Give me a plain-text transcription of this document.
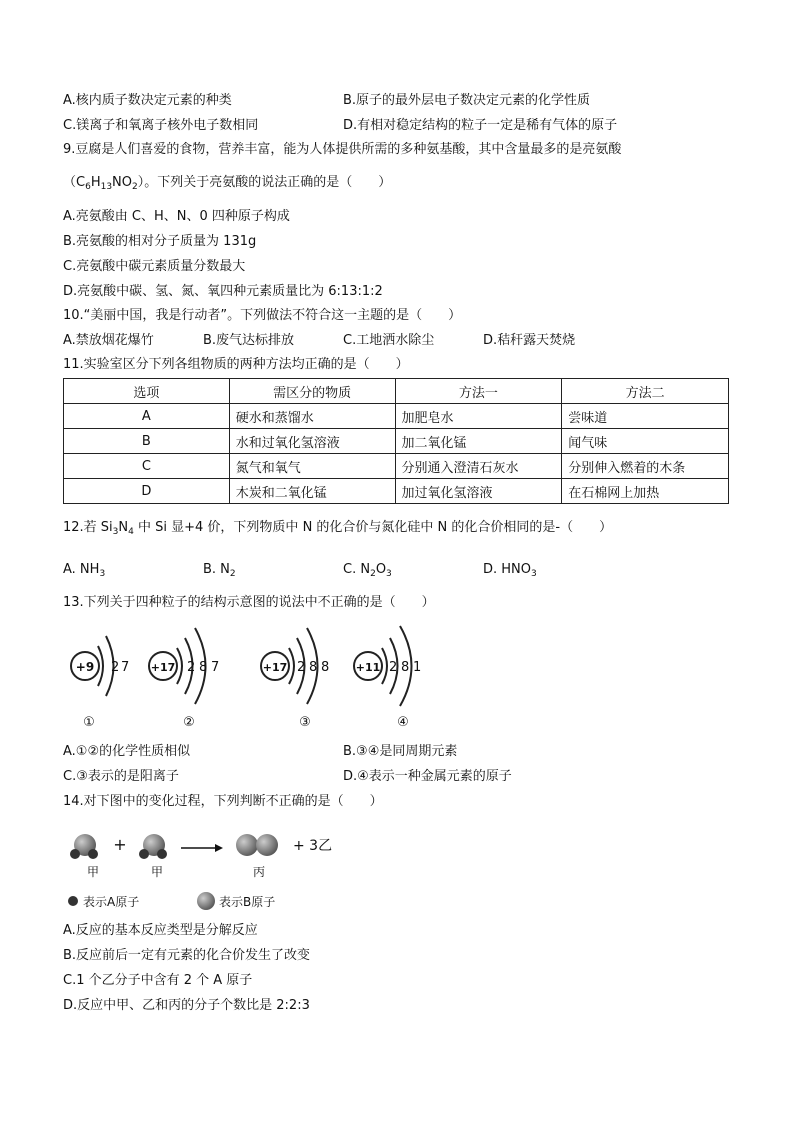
A.核内质子数决定元素的种类	B.原子的最外层电子数决定元素的化学性质
C.镁离子和氧离子核外电子数相同	D.有相对稳定结构的粒子一定是稀有气体的原子
9.豆腐是人们喜爱的食物，营养丰富，能为人体提供所需的多种氨基酸，其中含量最多的是亮氨酸
$(C_6H_{13}NO_2)$。下列关于亮氨酸的说法正确的是（　　）
A.亮氨酸由 C、H、N、0 四种原子构成
B.亮氨酸的相对分子质量为 131g
C.亮氨酸中碳元素质量分数最大
D.亮氨酸中碳、氢、氮、氧四种元素质量比为 6:13:1:2
10.“美丽中国，我是行动者”。下列做法不符合这一主题的是（　　）
A.禁放烟花爆竹	B.废气达标排放	C.工地洒水除尘	D.秸秆露天焚烧
11.实验室区分下列各组物质的两种方法均正确的是（　　）
选项	需区分的物质	方法一	方法二
A	硬水和蒸馏水	加肥皂水	尝味道
B	水和过氧化氢溶液	加二氧化锰	闻气味
C	氮气和氧气	分别通入澄清石灰水	分别伸入燃着的木条
D	木炭和二氧化锰	加过氧化氢溶液	在石棉网上加热
12.若 $Si_3N_4$ 中 Si 显+4 价，下列物质中 N 的化合价与氮化硅中 N 的化合价相同的是-（　　）
A. $NH_3$	B. $N_2$	C. $N_2O_3$	D. $HNO_3$
13.下列关于四种粒子的结构示意图的说法中不正确的是（　　）
+9 2 7
①
+17 2 8 7
②
+17 2 8 8
③
+11 2 8 1
④
A.①②的化学性质相似	B.③④是同周期元素
C.③表示的是阳离子	D.④表示一种金属元素的原子
14.对下图中的变化过程，下列判断不正确的是（　　）
+	+ 3乙
甲	甲	丙
表示A原子	表示B原子
A.反应的基本反应类型是分解反应
B.反应前后一定有元素的化合价发生了改变
C.1 个乙分子中含有 2 个 A 原子
D.反应中甲、乙和丙的分子个数比是 2:2:3
